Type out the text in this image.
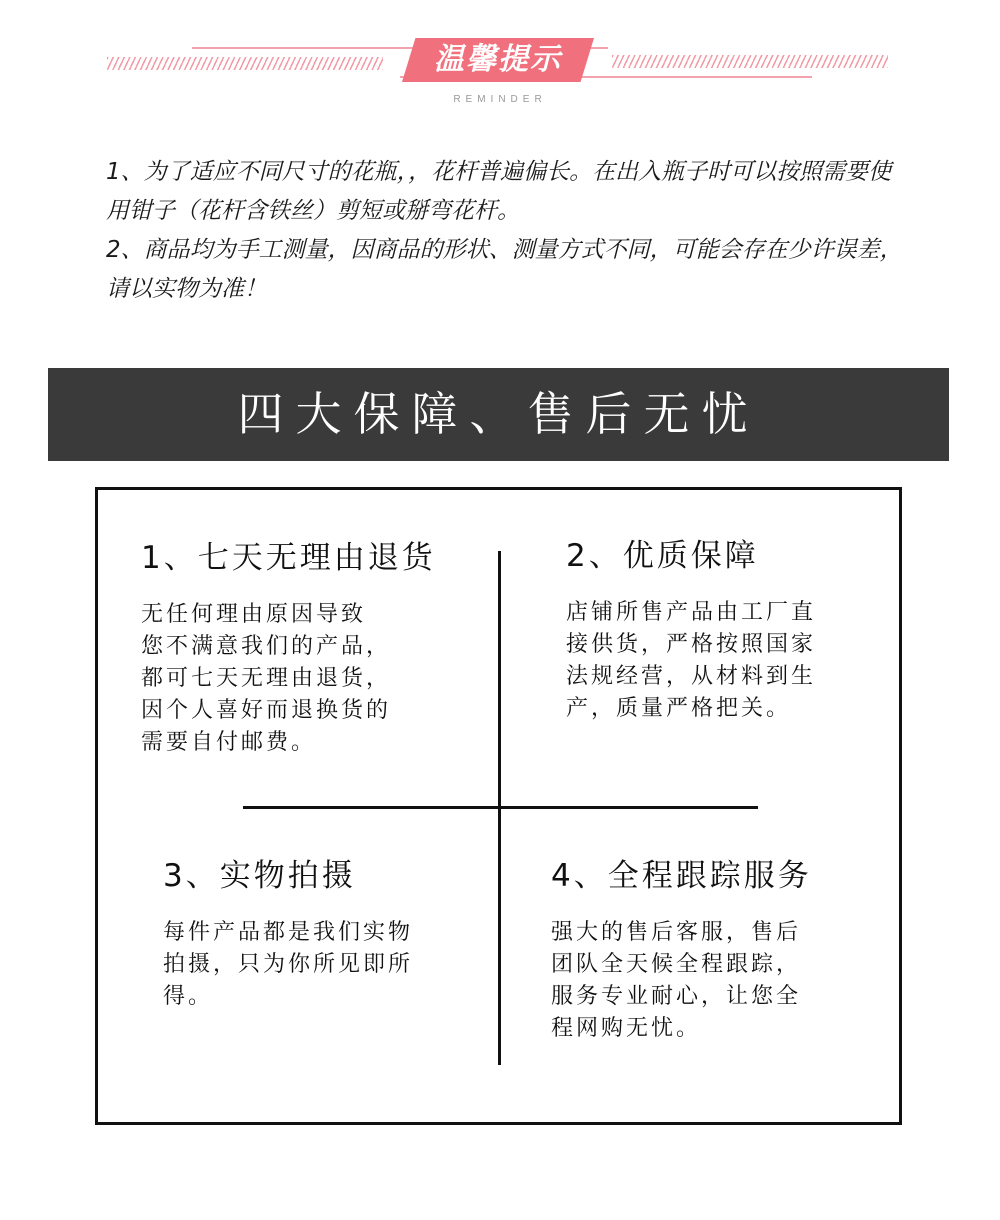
温馨提示
REMINDER

1、为了适应不同尺寸的花瓶，，花杆普遍偏长。在出入瓶子时可以按照需要使用钳子（花杆含铁丝）剪短或掰弯花杆。

2、商品均为手工测量，因商品的形状、测量方式不同，可能会存在少许误差，请以实物为准！

四大保障、售后无忧
1、七天无理由退货
无任何理由原因导致
您不满意我们的产品，
都可七天无理由退货，
因个人喜好而退换货的
需要自付邮费。
2、优质保障
店铺所售产品由工厂直
接供货，严格按照国家
法规经营，从材料到生
产，质量严格把关。
3、实物拍摄
每件产品都是我们实物
拍摄，只为你所见即所
得。
4、全程跟踪服务
强大的售后客服，售后
团队全天候全程跟踪，
服务专业耐心，让您全
程网购无忧。
